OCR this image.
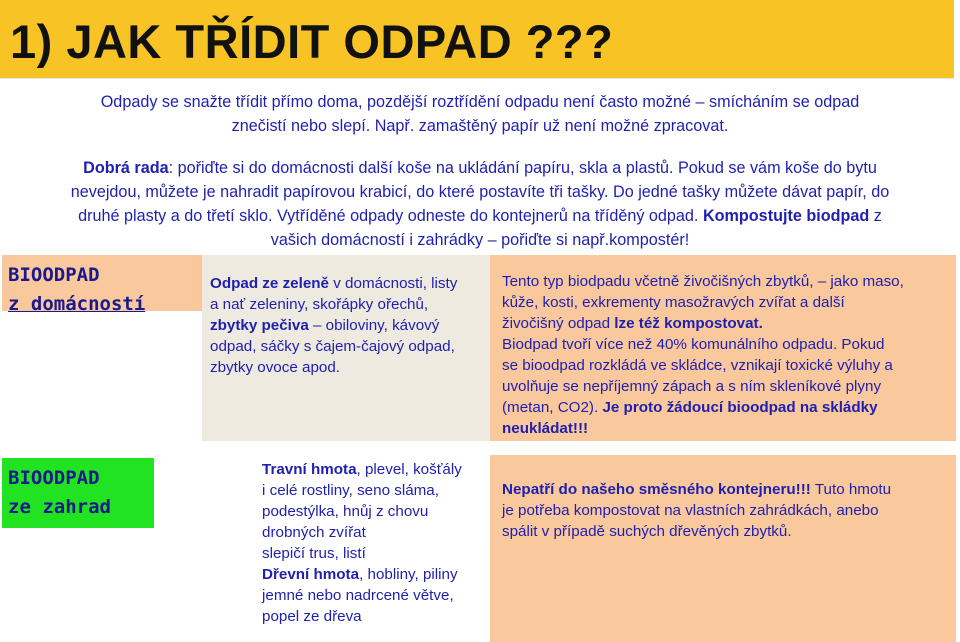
1) JAK TŘÍDIT ODPAD ???

Odpady se snažte třídit přímo doma, pozdější roztřídění odpadu není často možné – smícháním se odpad

znečistí nebo slepí. Např. zamaštěný papír už není možné zpracovat.

Dobrá rada: pořiďte si do domácnosti další koše na ukládání papíru, skla a plastů. Pokud se vám koše do bytu

nevejdou, můžete je nahradit papírovou krabicí, do které postavíte tři tašky. Do jedné tašky můžete dávat papír, do

druhé plasty a do třetí sklo. Vytříděné odpady odneste do kontejnerů na tříděný odpad. Kompostujte biodpad z

vašich domácností i zahrádky – pořiďte si např.kompostér!

BIOODPAD
z domácností
Odpad ze zeleně v domácnosti, listy
a nať zeleniny, skořápky ořechů,
zbytky pečiva – obiloviny, kávový
odpad, sáčky s čajem-čajový odpad,
zbytky ovoce apod.
Tento typ biodpadu včetně živočišných zbytků, – jako maso,
kůže, kosti, exkrementy masožravých zvířat a další
živočišný odpad lze též kompostovat.
Biodpad tvoří více než 40% komunálního odpadu. Pokud
se bioodpad rozkládá ve skládce, vznikají toxické výluhy a
uvolňuje se nepříjemný zápach a s ním skleníkové plyny
(metan, CO2). Je proto žádoucí bioodpad na skládky
neukládat!!!
BIOODPAD
ze zahrad
Travní hmota, plevel, košťály
i celé rostliny, seno sláma,
podestýlka, hnůj z chovu
drobných zvířat
slepičí trus, listí
Dřevní hmota, hobliny, piliny
jemné nebo nadrcené větve,
popel ze dřeva
Nepatří do našeho směsného kontejneru!!! Tuto hmotu
je potřeba kompostovat na vlastních zahrádkách, anebo
spálit v případě suchých dřevěných zbytků.
